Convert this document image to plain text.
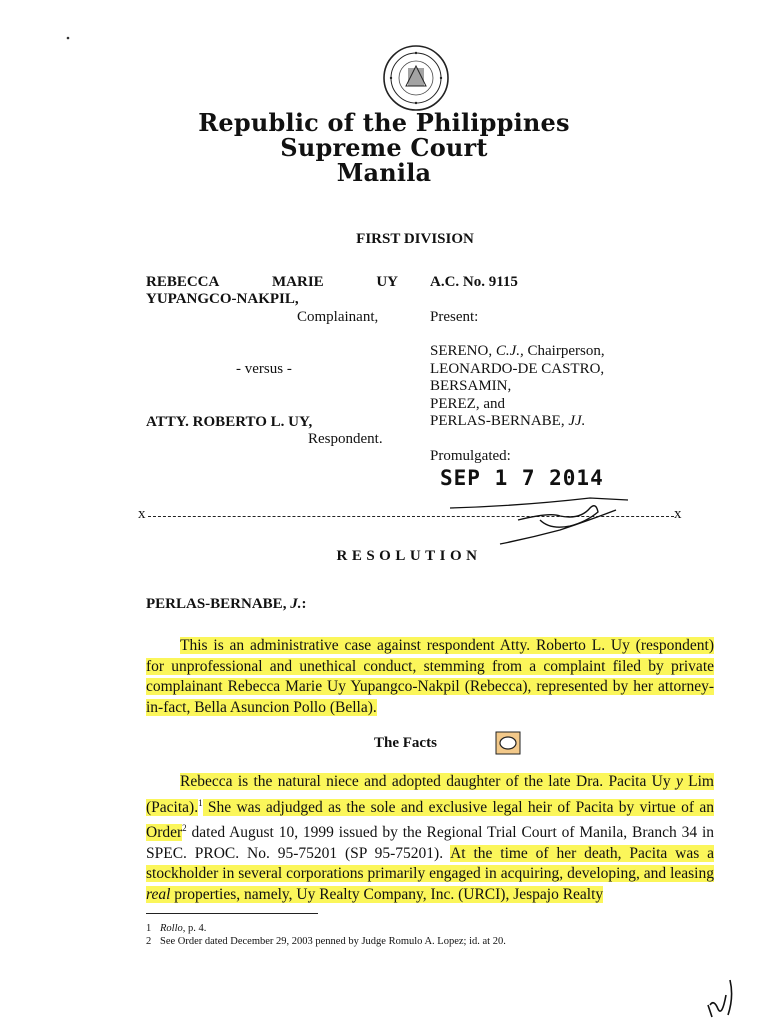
Republic of the Philippines
Supreme Court
Manila
FIRST DIVISION
REBECCA	MARIE	UY
YUPANGCO-NAKPIL,
Complainant,
- versus -
ATTY. ROBERTO L. UY,
Respondent.
A.C. No. 9115
Present:
SERENO, C.J., Chairperson,
LEONARDO-DE CASTRO,
BERSAMIN,
PEREZ, and
PERLAS-BERNABE, JJ.
Promulgated:
SEP 1 7 2014
x	x
RESOLUTION
PERLAS-BERNABE, J.:

This is an administrative case against respondent Atty. Roberto L. Uy (respondent) for unprofessional and unethical conduct, stemming from a complaint filed by private complainant Rebecca Marie Uy Yupangco-Nakpil (Rebecca), represented by her attorney-in-fact, Bella Asuncion Pollo (Bella).

The Facts

Rebecca is the natural niece and adopted daughter of the late Dra. Pacita Uy y Lim (Pacita).$^1$ She was adjudged as the sole and exclusive legal heir of Pacita by virtue of an Order$^2$ dated August 10, 1999 issued by the Regional Trial Court of Manila, Branch 34 in SPEC. PROC. No. 95-75201 (SP 95-75201). At the time of her death, Pacita was a stockholder in several corporations primarily engaged in acquiring, developing, and leasing real properties, namely, Uy Realty Company, Inc. (URCI), Jespajo Realty

1 Rollo, p. 4.
2 See Order dated December 29, 2003 penned by Judge Romulo A. Lopez; id. at 20.
